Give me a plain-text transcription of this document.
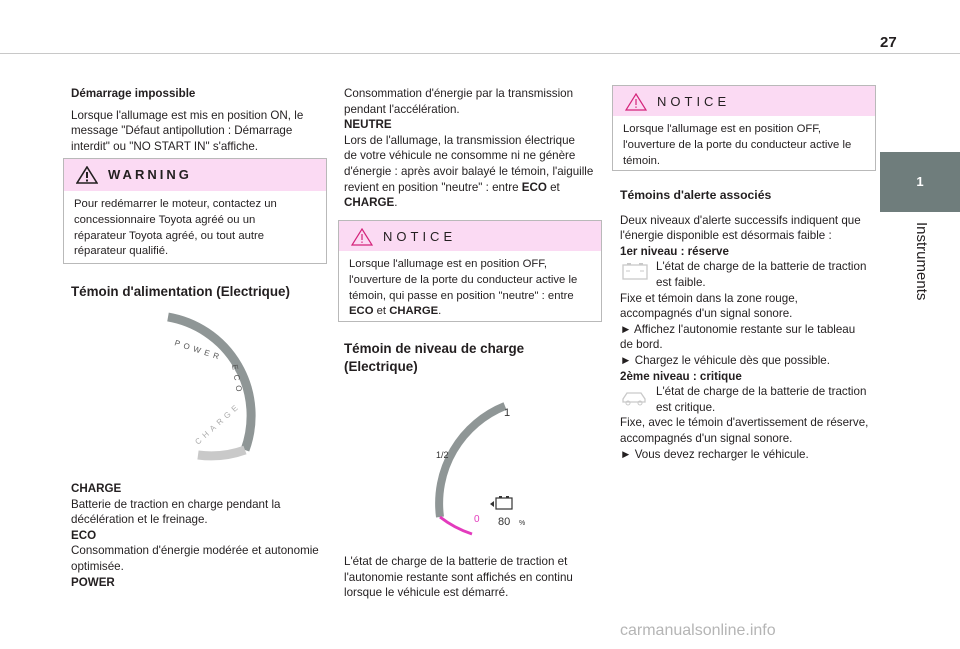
27
1
Instruments

Démarrage impossible

Lorsque l'allumage est mis en position ON, le

message "Défaut antipollution : Démarrage

interdit" ou "NO START IN" s'affiche.

WARNING

Pour redémarrer le moteur, contactez un

concessionnaire Toyota agréé ou un

réparateur Toyota agréé, ou tout autre

réparateur qualifié.

Témoin d'alimentation (Electrique)

POWER
ECO
CHARGE

CHARGE

Batterie de traction en charge pendant la

décélération et le freinage.

ECO

Consommation d'énergie modérée et autonomie

optimisée.

POWER

Consommation d'énergie par la transmission

pendant l'accélération.

NEUTRE

Lors de l'allumage, la transmission électrique

de votre véhicule ne consomme ni ne génère

d'énergie : après avoir balayé le témoin, l'aiguille

revient en position "neutre" : entre ECO et

CHARGE.

NOTICE

Lorsque l'allumage est en position OFF,

l'ouverture de la porte du conducteur active le

témoin, qui passe en position "neutre" : entre

ECO et CHARGE.

Témoin de niveau de charge

(Electrique)

1
1/2
0 80 %

L'état de charge de la batterie de traction et

l'autonomie restante sont affichés en continu

lorsque le véhicule est démarré.

NOTICE

Lorsque l'allumage est en position OFF,

l'ouverture de la porte du conducteur active le

témoin.

Témoins d'alerte associés

Deux niveaux d'alerte successifs indiquent que

l'énergie disponible est désormais faible :

1er niveau : réserve

L'état de charge de la batterie de traction

est faible.

Fixe et témoin dans la zone rouge,

accompagnés d'un signal sonore.

► Affichez l'autonomie restante sur le tableau

de bord.

► Chargez le véhicule dès que possible.

2ème niveau : critique

L'état de charge de la batterie de traction

est critique.

Fixe, avec le témoin d'avertissement de réserve,

accompagnés d'un signal sonore.

► Vous devez recharger le véhicule.

carmanualsonline.info
